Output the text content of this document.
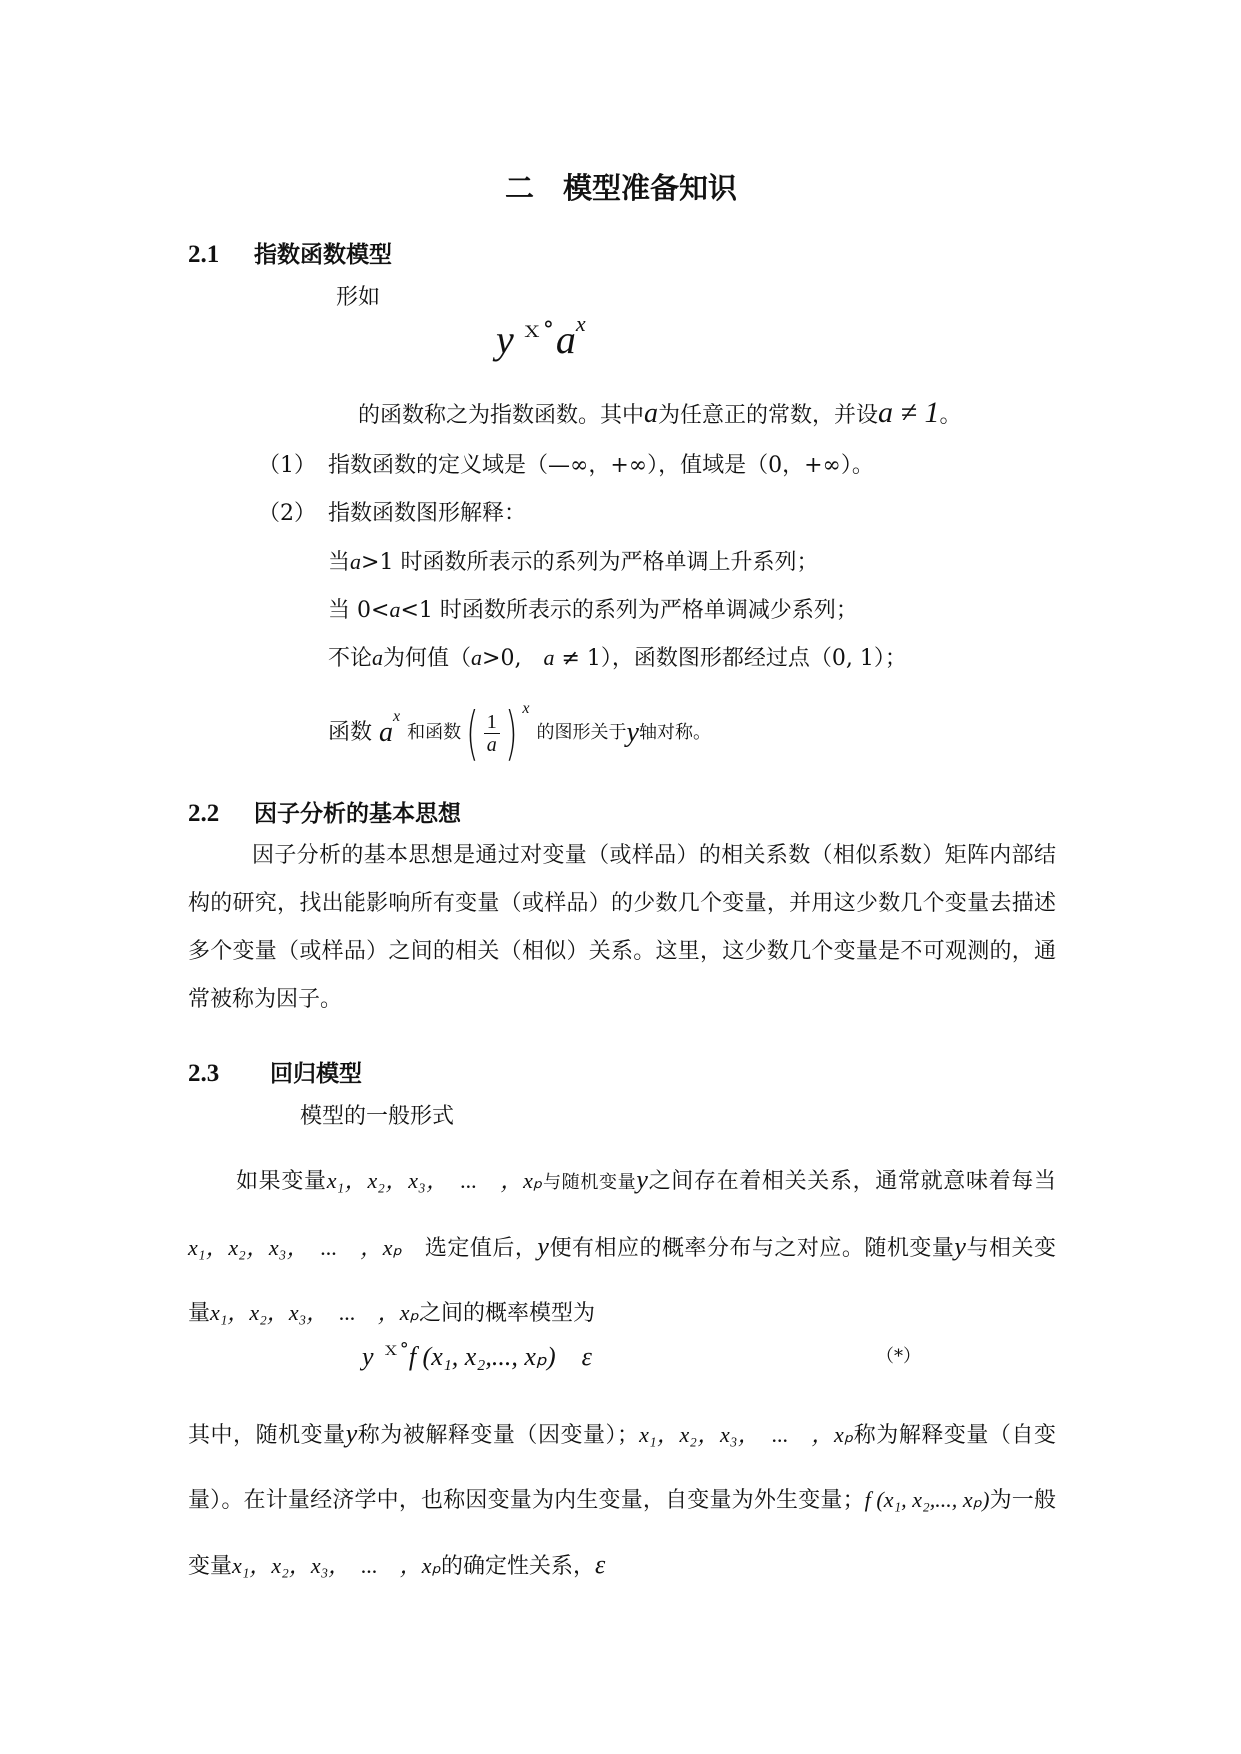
二　模型准备知识
2.1 指数函数模型
形如
y ｘ°ax
的函数称之为指数函数。其中a为任意正的常数，并设a ≠ 1。
（1） 指数函数的定义域是（—∞，+∞），值域是（0，+∞）。
（2） 指数函数图形解释：
当a>1 时函数所表示的系列为严格单调上升系列；
当 0<a<1 时函数所表示的系列为严格单调减少系列；
不论a为何值（a>0,　a ≠ 1），函数图形都经过点（0, 1）；
函数 $a^x$ 和函数( $\frac{1}{a}$ ) $^x$ 的图形关于y轴对称。
2.2 因子分析的基本思想
因子分析的基本思想是通过对变量（或样品）的相关系数（相似系数）矩阵内部结构的研究，找出能影响所有变量（或样品）的少数几个变量，并用这少数几个变量去描述多个变量（或样品）之间的相关（相似）关系。这里，这少数几个变量是不可观测的，通常被称为因子。
2.3 回归模型
模型的一般形式
如果变量x₁，x₂，x₃，　...　，xₚ与随机变量y之间存在着相关关系，通常就意味着每当x₁，x₂，x₃，　...　，xₚ　 选定值后，y便有相应的概率分布与之对应。随机变量y与相关变量x₁，x₂，x₃，　...　，xₚ之间的概率模型为
y $^{x^\circ}$f (x₁, x₂,..., xₚ)　ε	（*）
其中，随机变量y称为被解释变量（因变量）；x₁，x₂，x₃，　...　，xₚ称为解释变量（自变量）。在计量经济学中，也称因变量为内生变量，自变量为外生变量；f (x₁, x₂,..., xₚ)为一般变量x₁，x₂，x₃，　...　，xₚ的确定性关系，ε
